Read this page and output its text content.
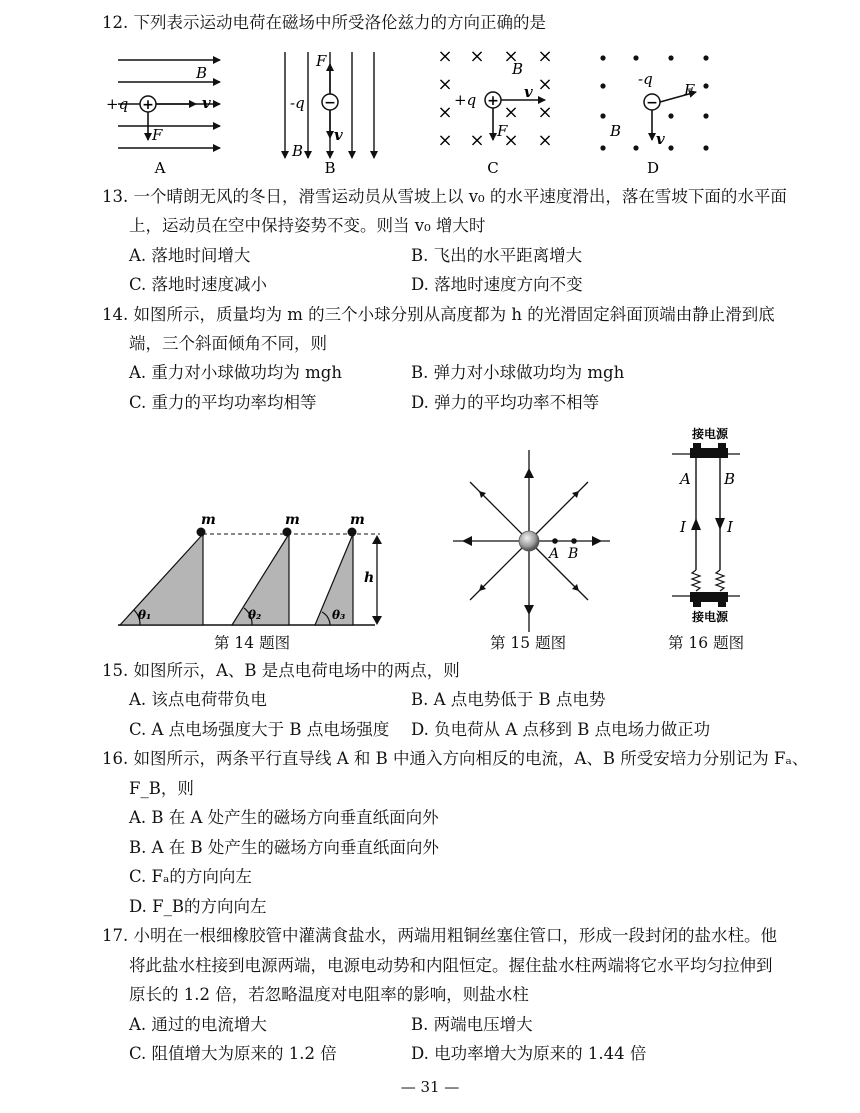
12. 下列表示运动电荷在磁场中所受洛伦兹力的方向正确的是
+
B
+q	v
F
A
−
F
-q
v
B
B
× × × ×
×	×
×	× ×
× × × ×
+
B
+q	v
F
C
−
-q
F
B v
D
13. 一个晴朗无风的冬日，滑雪运动员从雪坡上以 v₀ 的水平速度滑出，落在雪坡下面的水平面
上，运动员在空中保持姿势不变。则当 v₀ 增大时
A. 落地时间增大	B. 飞出的水平距离增大
C. 落地时速度减小	D. 落地时速度方向不变
14. 如图所示，质量均为 m 的三个小球分别从高度都为 h 的光滑固定斜面顶端由静止滑到底
端，三个斜面倾角不同，则
A. 重力对小球做功均为 mgh	B. 弹力对小球做功均为 mgh
C. 重力的平均功率均相等	D. 弹力的平均功率不相等
m	m	m
θ₁	θ₂	θ₃
h
A B
接电源
A B
I	I
接电源
第 14 题图	第 15 题图	第 16 题图
15. 如图所示，A、B 是点电荷电场中的两点，则
A. 该点电荷带负电	B. A 点电势低于 B 点电势
C. A 点电场强度大于 B 点电场强度 D. 负电荷从 A 点移到 B 点电场力做正功
16. 如图所示，两条平行直导线 A 和 B 中通入方向相反的电流，A、B 所受安培力分别记为 Fₐ、
F_B，则
A. B 在 A 处产生的磁场方向垂直纸面向外
B. A 在 B 处产生的磁场方向垂直纸面向外
C. Fₐ的方向向左
D. F_B的方向向左
17. 小明在一根细橡胶管中灌满食盐水，两端用粗铜丝塞住管口，形成一段封闭的盐水柱。他
将此盐水柱接到电源两端，电源电动势和内阻恒定。握住盐水柱两端将它水平均匀拉伸到
原长的 1.2 倍，若忽略温度对电阻率的影响，则盐水柱
A. 通过的电流增大	B. 两端电压增大
C. 阻值增大为原来的 1.2 倍	D. 电功率增大为原来的 1.44 倍
— 31 —
